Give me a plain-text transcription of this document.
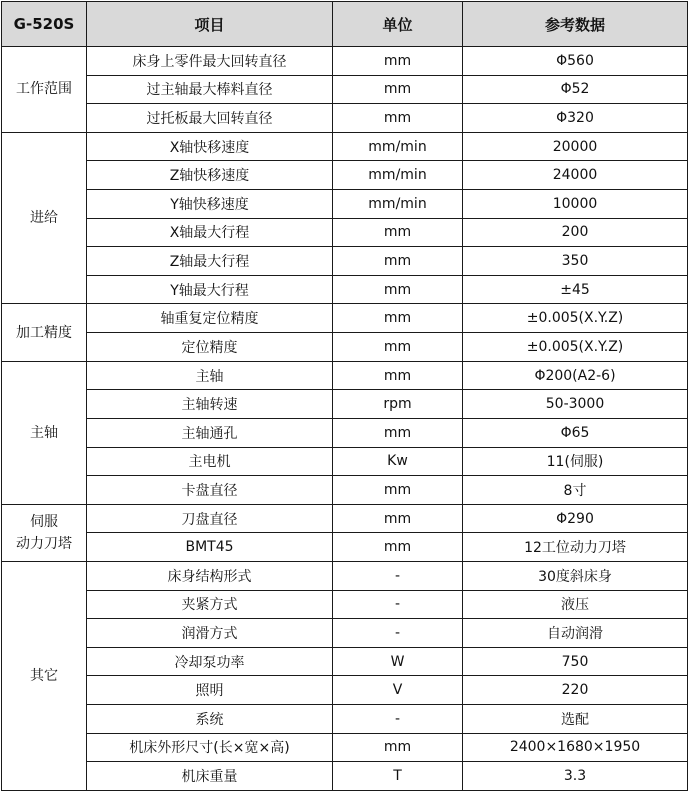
G-520S	项目	单位	参考数据
工作范围	床身上零件最大回转直径	mm	Φ560
	过主轴最大棒料直径	mm	Φ52
	过托板最大回转直径	mm	Φ320
进给	X轴快移速度	mm/min	20000
	Z轴快移速度	mm/min	24000
	Y轴快移速度	mm/min	10000
	X轴最大行程	mm	200
	Z轴最大行程	mm	350
	Y轴最大行程	mm	±45
加工精度	轴重复定位精度	mm	±0.005(X.Y.Z)
	定位精度	mm	±0.005(X.Y.Z)
主轴	主轴	mm	Φ200(A2-6)
	主轴转速	rpm	50-3000
	主轴通孔	mm	Φ65
	主电机	Kw	11(伺服)
	卡盘直径	mm	8寸
伺服
动力刀塔	刀盘直径	mm	Φ290
	BMT45	mm	12工位动力刀塔
其它	床身结构形式	-	30度斜床身
	夹紧方式	-	液压
	润滑方式	-	自动润滑
	冷却泵功率	W	750
	照明	V	220
	系统	-	选配
	机床外形尺寸(长×宽×高)	mm	2400×1680×1950
	机床重量	T	3.3
